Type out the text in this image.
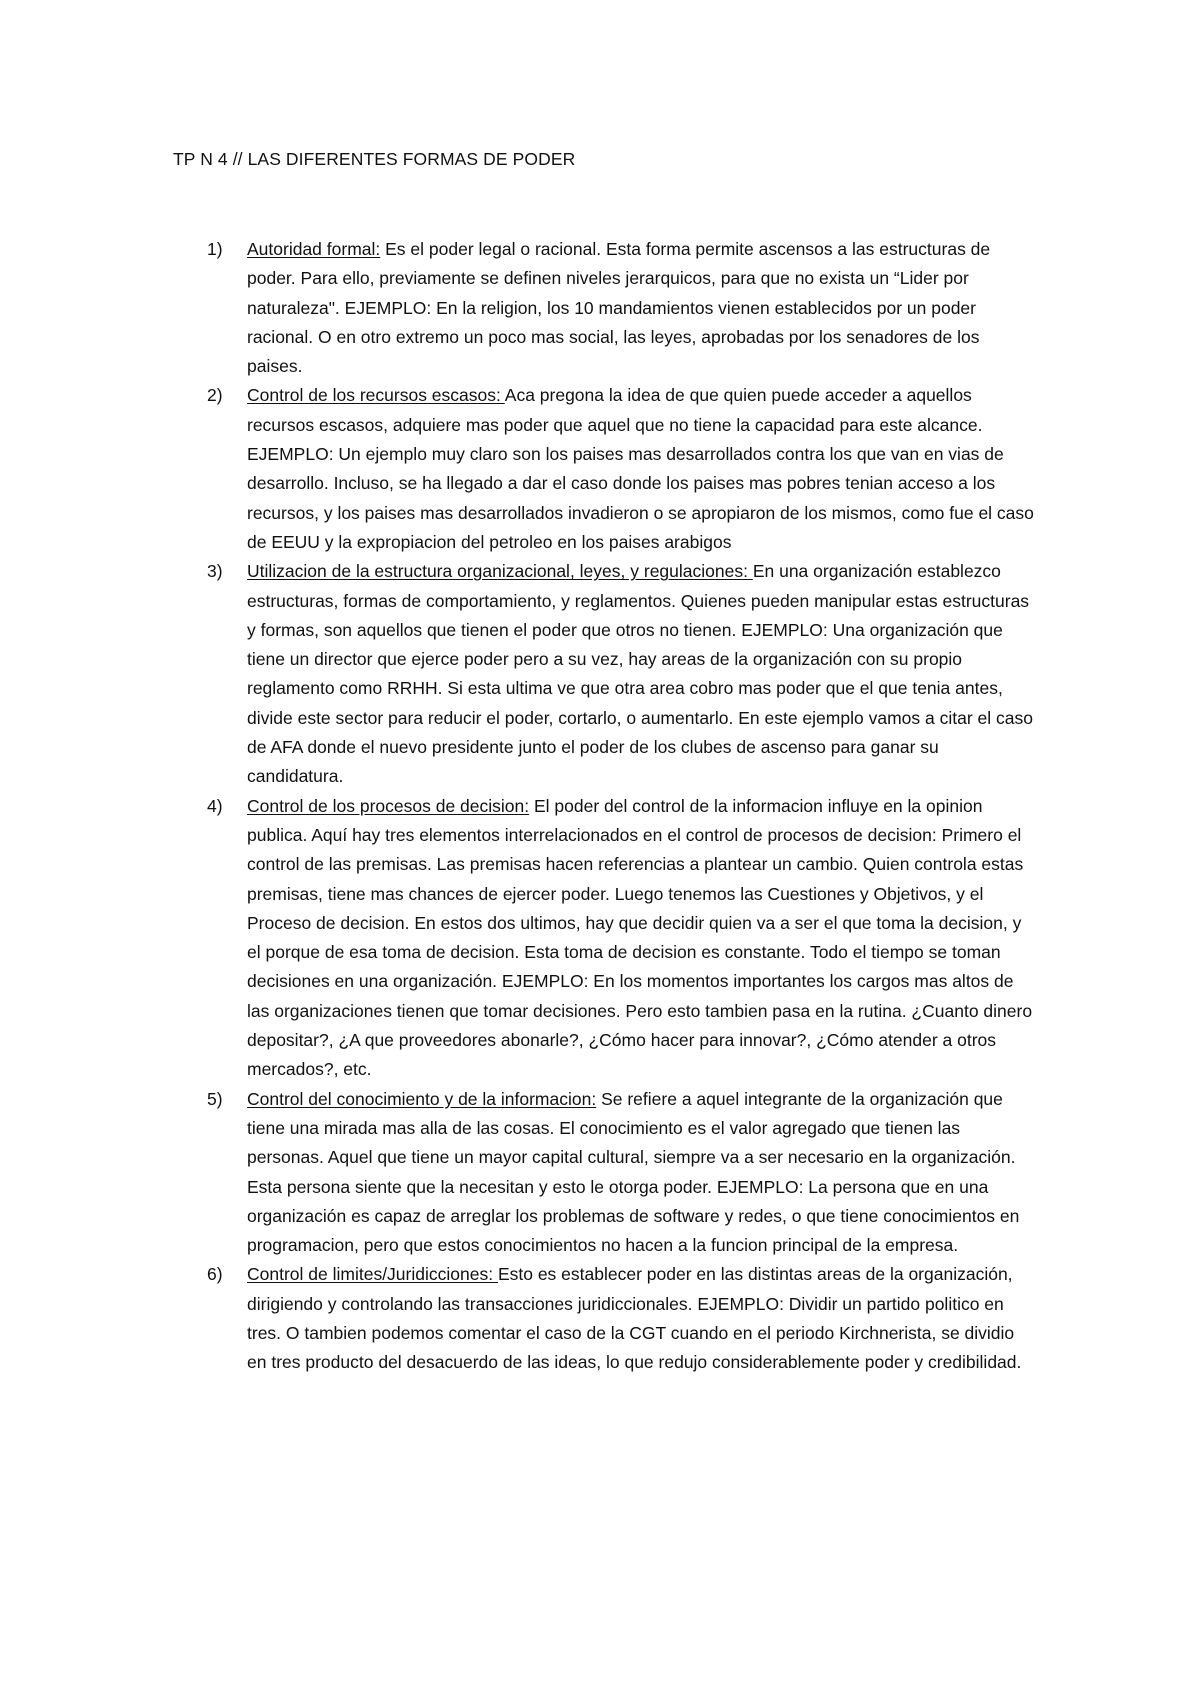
TP N 4 // LAS DIFERENTES FORMAS DE PODER
1) Autoridad formal: Es el poder legal o racional. Esta forma permite ascensos a las estructuras de poder. Para ello, previamente se definen niveles jerarquicos, para que no exista un “Lider por naturaleza". EJEMPLO: En la religion, los 10 mandamientos vienen establecidos por un poder racional. O en otro extremo un poco mas social, las leyes, aprobadas por los senadores de los paises.
2) Control de los recursos escasos: Aca pregona la idea de que quien puede acceder a aquellos recursos escasos, adquiere mas poder que aquel que no tiene la capacidad para este alcance. EJEMPLO: Un ejemplo muy claro son los paises mas desarrollados contra los que van en vias de desarrollo. Incluso, se ha llegado a dar el caso donde los paises mas pobres tenian acceso a los recursos, y los paises mas desarrollados invadieron o se apropiaron de los mismos, como fue el caso de EEUU y la expropiacion del petroleo en los paises arabigos
3) Utilizacion de la estructura organizacional, leyes, y regulaciones: En una organización establezco estructuras, formas de comportamiento, y reglamentos. Quienes pueden manipular estas estructuras y formas, son aquellos que tienen el poder que otros no tienen. EJEMPLO: Una organización que tiene un director que ejerce poder pero a su vez, hay areas de la organización con su propio reglamento como RRHH. Si esta ultima ve que otra area cobro mas poder que el que tenia antes, divide este sector para reducir el poder, cortarlo, o aumentarlo. En este ejemplo vamos a citar el caso de AFA donde el nuevo presidente junto el poder de los clubes de ascenso para ganar su candidatura.
4) Control de los procesos de decision: El poder del control de la informacion influye en la opinion publica. Aquí hay tres elementos interrelacionados en el control de procesos de decision: Primero el control de las premisas. Las premisas hacen referencias a plantear un cambio. Quien controla estas premisas, tiene mas chances de ejercer poder. Luego tenemos las Cuestiones y Objetivos, y el Proceso de decision. En estos dos ultimos, hay que decidir quien va a ser el que toma la decision, y el porque de esa toma de decision. Esta toma de decision es constante. Todo el tiempo se toman decisiones en una organización. EJEMPLO: En los momentos importantes los cargos mas altos de las organizaciones tienen que tomar decisiones. Pero esto tambien pasa en la rutina. ¿Cuanto dinero depositar?, ¿A que proveedores abonarle?, ¿Cómo hacer para innovar?, ¿Cómo atender a otros mercados?, etc.
5) Control del conocimiento y de la informacion: Se refiere a aquel integrante de la organización que tiene una mirada mas alla de las cosas. El conocimiento es el valor agregado que tienen las personas. Aquel que tiene un mayor capital cultural, siempre va a ser necesario en la organización. Esta persona siente que la necesitan y esto le otorga poder. EJEMPLO: La persona que en una organización es capaz de arreglar los problemas de software y redes, o que tiene conocimientos en programacion, pero que estos conocimientos no hacen a la funcion principal de la empresa.
6) Control de limites/Juridicciones: Esto es establecer poder en las distintas areas de la organización, dirigiendo y controlando las transacciones juridiccionales. EJEMPLO: Dividir un partido politico en tres. O tambien podemos comentar el caso de la CGT cuando en el periodo Kirchnerista, se dividio en tres producto del desacuerdo de las ideas, lo que redujo considerablemente poder y credibilidad.
